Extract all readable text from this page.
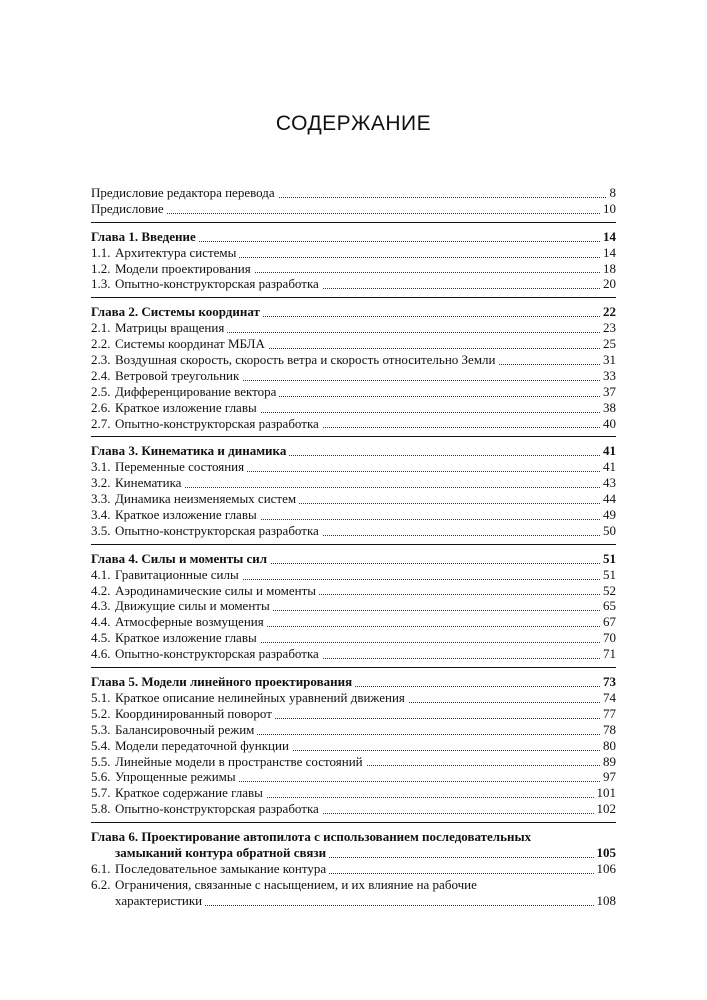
СОДЕРЖАНИЕ
Предисловие редактора перевода	8
Предисловие	10
Глава 1. Введение	14
1.1. Архитектура системы	14
1.2. Модели проектирования	18
1.3. Опытно-конструкторская разработка	20
Глава 2. Системы координат	22
2.1. Матрицы вращения	23
2.2. Системы координат МБЛА	25
2.3. Воздушная скорость, скорость ветра и скорость относительно Земли	31
2.4. Ветровой треугольник	33
2.5. Дифференцирование вектора	37
2.6. Краткое изложение главы	38
2.7. Опытно-конструкторская разработка	40
Глава 3. Кинематика и динамика	41
3.1. Переменные состояния	41
3.2. Кинематика	43
3.3. Динамика неизменяемых систем	44
3.4. Краткое изложение главы	49
3.5. Опытно-конструкторская разработка	50
Глава 4. Силы и моменты сил	51
4.1. Гравитационные силы	51
4.2. Аэродинамические силы и моменты	52
4.3. Движущие силы и моменты	65
4.4. Атмосферные возмущения	67
4.5. Краткое изложение главы	70
4.6. Опытно-конструкторская разработка	71
Глава 5. Модели линейного проектирования	73
5.1. Краткое описание нелинейных уравнений движения	74
5.2. Координированный поворот	77
5.3. Балансировочный режим	78
5.4. Модели передаточной функции	80
5.5. Линейные модели в пространстве состояний	89
5.6. Упрощенные режимы	97
5.7. Краткое содержание главы	101
5.8. Опытно-конструкторская разработка	102
Глава 6. Проектирование автопилота с использованием последовательных
замыканий контура обратной связи	105
6.1. Последовательное замыкание контура	106
6.2. Ограничения, связанные с насыщением, и их влияние на рабочие
характеристики	108
